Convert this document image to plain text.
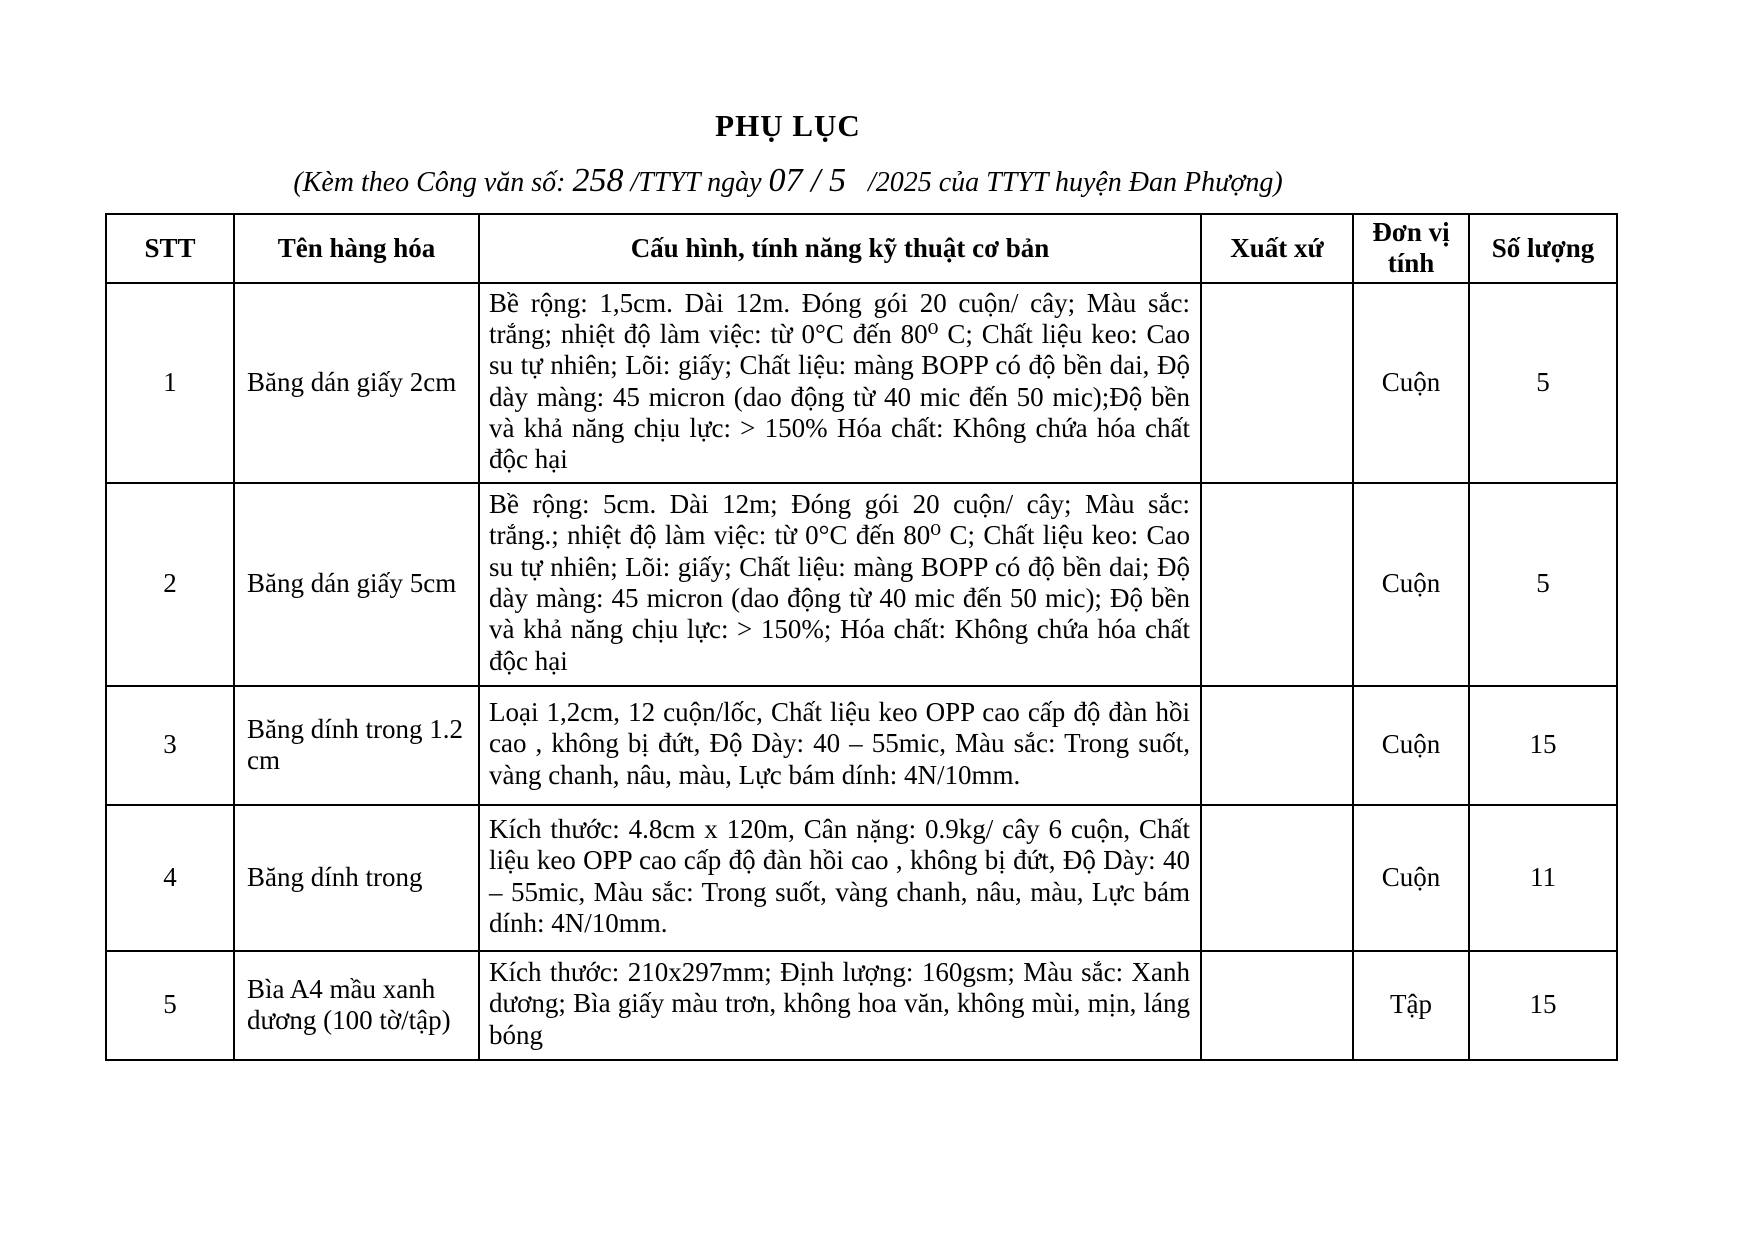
PHỤ LỤC
(Kèm theo Công văn số: 258 /TTYT ngày 07 / 5 /2025 của TTYT huyện Đan Phượng)
STT	Tên hàng hóa	Cấu hình, tính năng kỹ thuật cơ bản	Xuất xứ	Đơn vị tính	Số lượng
1	Băng dán giấy 2cm	Bề rộng: 1,5cm. Dài 12m. Đóng gói 20 cuộn/ cây; Màu sắc: trắng; nhiệt độ làm việc: từ 0°C đến 80⁰ C; Chất liệu keo: Cao su tự nhiên; Lõi: giấy; Chất liệu: màng BOPP có độ bền dai, Độ dày màng: 45 micron (dao động từ 40 mic đến 50 mic);Độ bền và khả năng chịu lực: > 150% Hóa chất: Không chứa hóa chất độc hại		Cuộn	5
2	Băng dán giấy 5cm	Bề rộng: 5cm. Dài 12m; Đóng gói 20 cuộn/ cây; Màu sắc: trắng.; nhiệt độ làm việc: từ 0°C đến 80⁰ C; Chất liệu keo: Cao su tự nhiên; Lõi: giấy; Chất liệu: màng BOPP có độ bền dai; Độ dày màng: 45 micron (dao động từ 40 mic đến 50 mic); Độ bền và khả năng chịu lực: > 150%; Hóa chất: Không chứa hóa chất độc hại		Cuộn	5
3	Băng dính trong 1.2 cm	Loại 1,2cm, 12 cuộn/lốc, Chất liệu keo OPP cao cấp độ đàn hồi cao , không bị đứt, Độ Dày: 40 – 55mic, Màu sắc: Trong suốt, vàng chanh, nâu, màu, Lực bám dính: 4N/10mm.		Cuộn	15
4	Băng dính trong	Kích thước: 4.8cm x 120m, Cân nặng: 0.9kg/ cây 6 cuộn, Chất liệu keo OPP cao cấp độ đàn hồi cao , không bị đứt, Độ Dày: 40 – 55mic, Màu sắc: Trong suốt, vàng chanh, nâu, màu, Lực bám dính: 4N/10mm.		Cuộn	11
5	Bìa A4 mầu xanh dương (100 tờ/tập)	Kích thước: 210x297mm; Định lượng: 160gsm; Màu sắc: Xanh dương; Bìa giấy màu trơn, không hoa văn, không mùi, mịn, láng bóng		Tập	15
